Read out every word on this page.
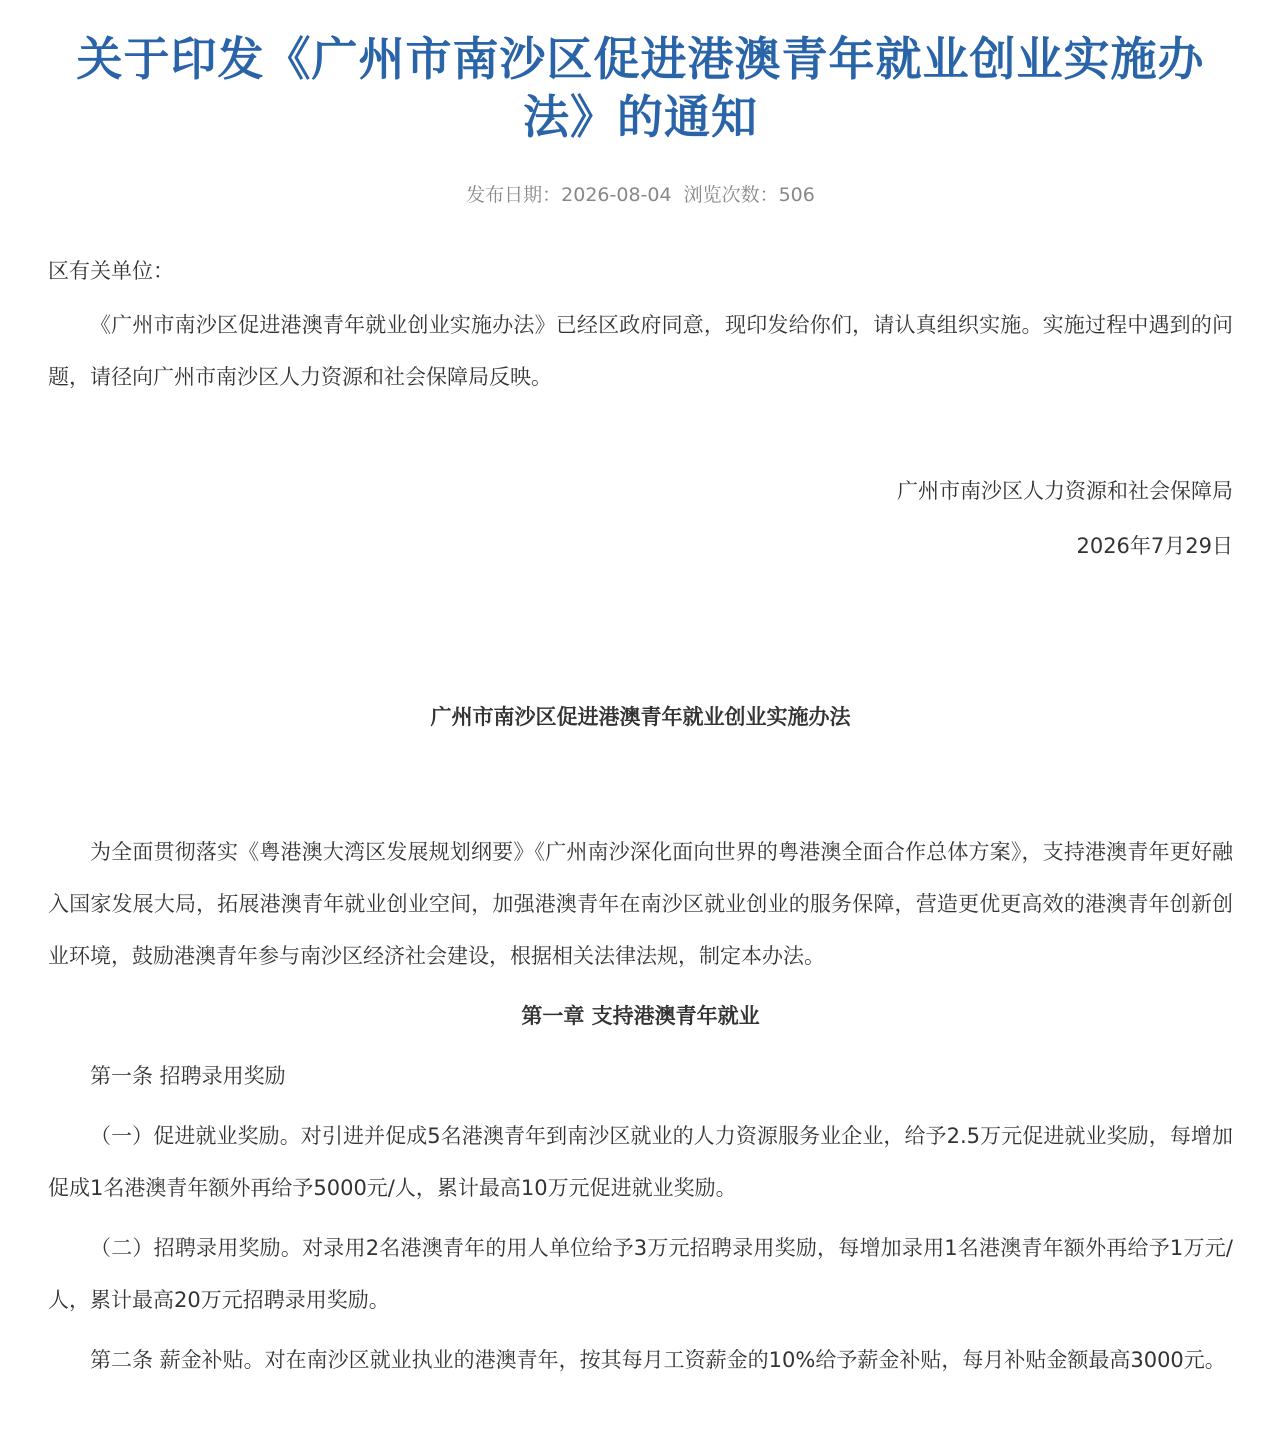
关于印发《广州市南沙区促进港澳青年就业创业实施办
法》的通知
发布日期：2026-08-04 浏览次数：506

区有关单位：

《广州市南沙区促进港澳青年就业创业实施办法》已经区政府同意，现印发给你们，请认真组织实施。实施过程中遇到的问题，请径向广州市南沙区人力资源和社会保障局反映。

广州市南沙区人力资源和社会保障局

2026年7月29日

广州市南沙区促进港澳青年就业创业实施办法

为全面贯彻落实《粤港澳大湾区发展规划纲要》《广州南沙深化面向世界的粤港澳全面合作总体方案》，支持港澳青年更好融入国家发展大局，拓展港澳青年就业创业空间，加强港澳青年在南沙区就业创业的服务保障，营造更优更高效的港澳青年创新创业环境，鼓励港澳青年参与南沙区经济社会建设，根据相关法律法规，制定本办法。

第一章 支持港澳青年就业

第一条 招聘录用奖励

（一）促进就业奖励。对引进并促成5名港澳青年到南沙区就业的人力资源服务业企业，给予2.5万元促进就业奖励，每增加促成1名港澳青年额外再给予5000元/人，累计最高10万元促进就业奖励。

（二）招聘录用奖励。对录用2名港澳青年的用人单位给予3万元招聘录用奖励，每增加录用1名港澳青年额外再给予1万元/人，累计最高20万元招聘录用奖励。

第二条 薪金补贴。对在南沙区就业执业的港澳青年，按其每月工资薪金的10%给予薪金补贴，每月补贴金额最高3000元。
